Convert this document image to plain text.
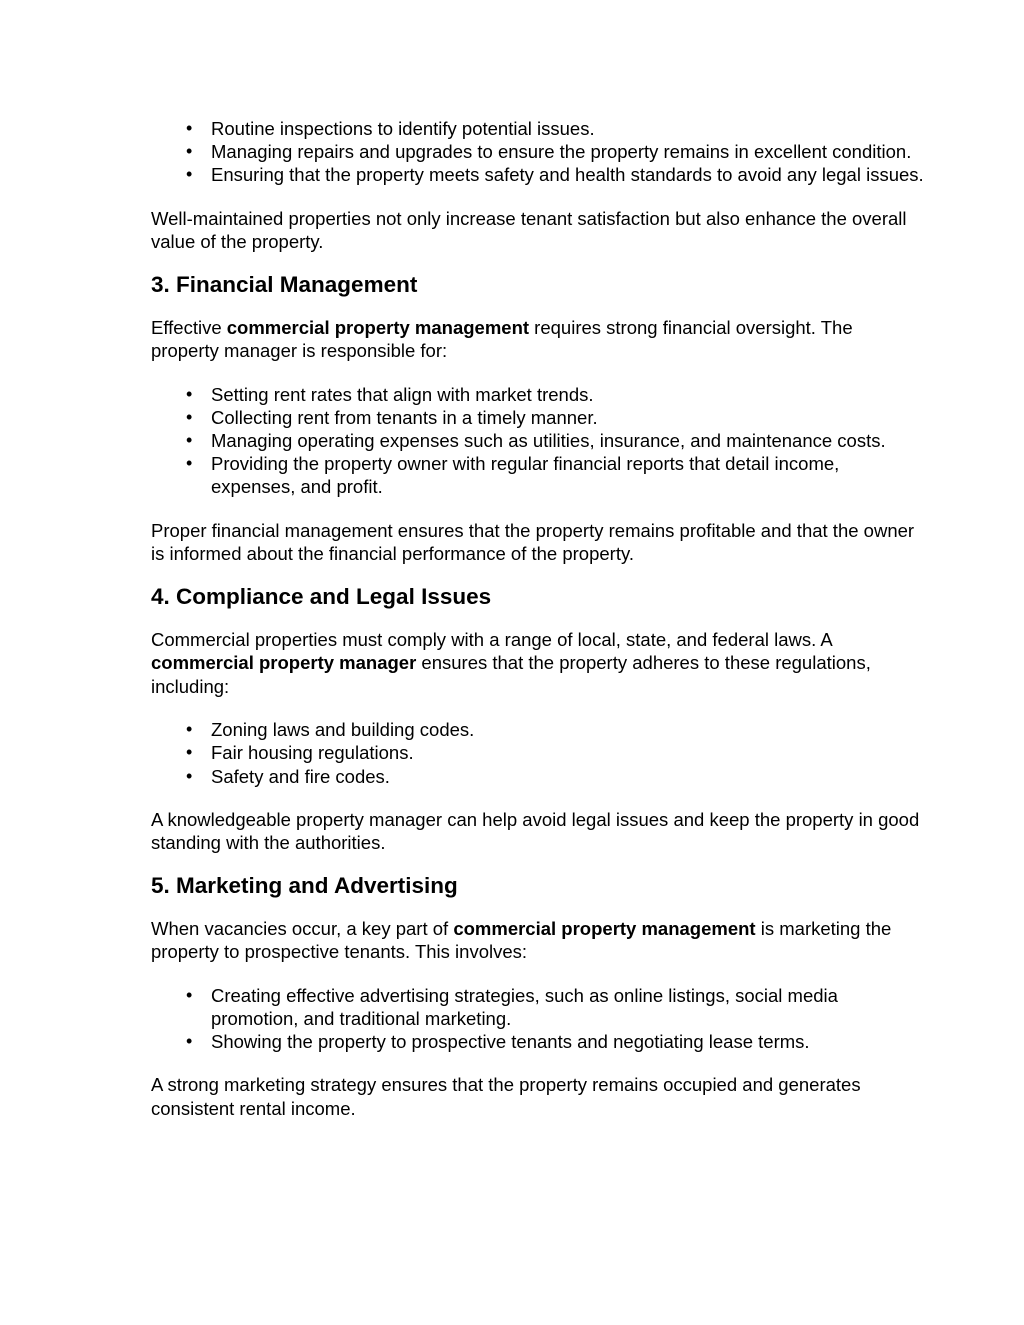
• Routine inspections to identify potential issues.
• Managing repairs and upgrades to ensure the property remains in excellent condition.
• Ensuring that the property meets safety and health standards to avoid any legal issues.

Well-maintained properties not only increase tenant satisfaction but also enhance the overall value of the property.

3. Financial Management

Effective commercial property management requires strong financial oversight. The property manager is responsible for:

• Setting rent rates that align with market trends.
• Collecting rent from tenants in a timely manner.
• Managing operating expenses such as utilities, insurance, and maintenance costs.
• Providing the property owner with regular financial reports that detail income, expenses, and profit.

Proper financial management ensures that the property remains profitable and that the owner is informed about the financial performance of the property.

4. Compliance and Legal Issues

Commercial properties must comply with a range of local, state, and federal laws. A commercial property manager ensures that the property adheres to these regulations, including:

• Zoning laws and building codes.
• Fair housing regulations.
• Safety and fire codes.

A knowledgeable property manager can help avoid legal issues and keep the property in good standing with the authorities.

5. Marketing and Advertising

When vacancies occur, a key part of commercial property management is marketing the property to prospective tenants. This involves:

• Creating effective advertising strategies, such as online listings, social media promotion, and traditional marketing.
• Showing the property to prospective tenants and negotiating lease terms.

A strong marketing strategy ensures that the property remains occupied and generates consistent rental income.
